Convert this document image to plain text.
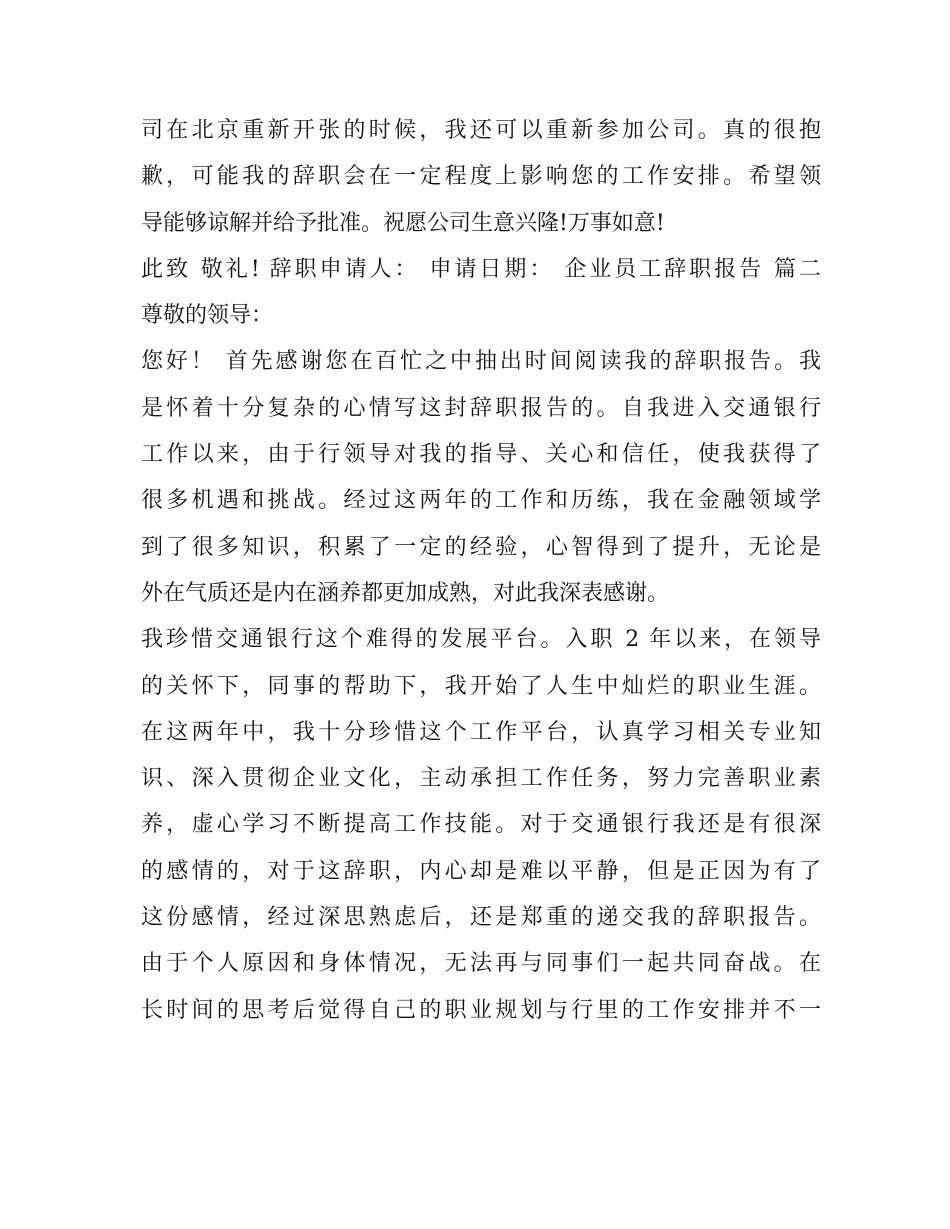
司在北京重新开张的时候，我还可以重新参加公司。真的很抱
歉，可能我的辞职会在一定程度上影响您的工作安排。希望领
导能够谅解并给予批准。祝愿公司生意兴隆!万事如意!
此致 敬礼! 辞职申请人： 申请日期： 企业员工辞职报告 篇二
尊敬的领导：
您好！ 首先感谢您在百忙之中抽出时间阅读我的辞职报告。我
是怀着十分复杂的心情写这封辞职报告的。自我进入交通银行
工作以来，由于行领导对我的指导、关心和信任，使我获得了
很多机遇和挑战。经过这两年的工作和历练，我在金融领域学
到了很多知识，积累了一定的经验，心智得到了提升，无论是
外在气质还是内在涵养都更加成熟，对此我深表感谢。
我珍惜交通银行这个难得的发展平台。入职 2 年以来，在领导
的关怀下，同事的帮助下，我开始了人生中灿烂的职业生涯。
在这两年中，我十分珍惜这个工作平台，认真学习相关专业知
识、深入贯彻企业文化，主动承担工作任务，努力完善职业素
养，虚心学习不断提高工作技能。对于交通银行我还是有很深
的感情的，对于这辞职，内心却是难以平静，但是正因为有了
这份感情，经过深思熟虑后，还是郑重的递交我的辞职报告。
由于个人原因和身体情况，无法再与同事们一起共同奋战。在
长时间的思考后觉得自己的职业规划与行里的工作安排并不一
